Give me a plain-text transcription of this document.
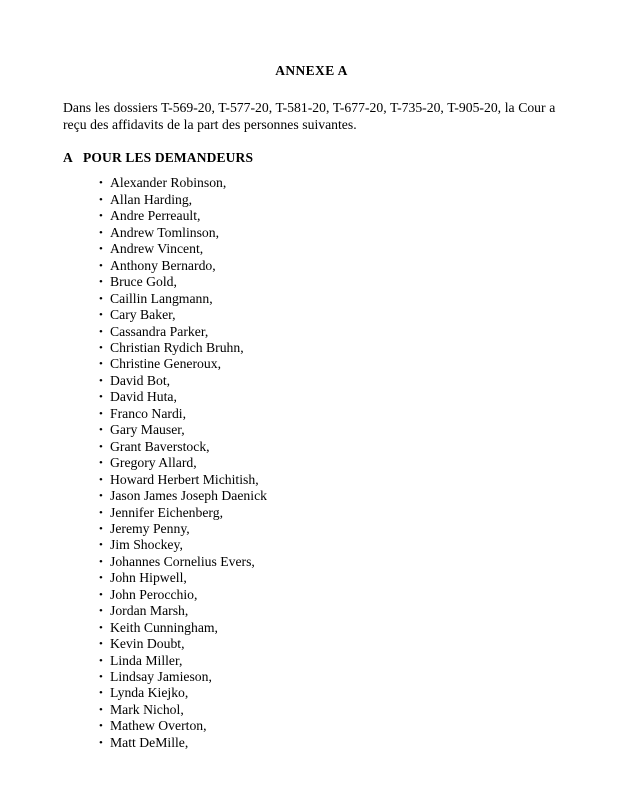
ANNEXE A

Dans les dossiers T-569-20, T-577-20, T-581-20, T-677-20, T-735-20, T-905-20, la Cour a reçu des affidavits de la part des personnes suivantes.

A POUR LES DEMANDEURS
• Alexander Robinson,
• Allan Harding,
• Andre Perreault,
• Andrew Tomlinson,
• Andrew Vincent,
• Anthony Bernardo,
• Bruce Gold,
• Caillin Langmann,
• Cary Baker,
• Cassandra Parker,
• Christian Rydich Bruhn,
• Christine Generoux,
• David Bot,
• David Huta,
• Franco Nardi,
• Gary Mauser,
• Grant Baverstock,
• Gregory Allard,
• Howard Herbert Michitish,
• Jason James Joseph Daenick
• Jennifer Eichenberg,
• Jeremy Penny,
• Jim Shockey,
• Johannes Cornelius Evers,
• John Hipwell,
• John Perocchio,
• Jordan Marsh,
• Keith Cunningham,
• Kevin Doubt,
• Linda Miller,
• Lindsay Jamieson,
• Lynda Kiejko,
• Mark Nichol,
• Mathew Overton,
• Matt DeMille,
